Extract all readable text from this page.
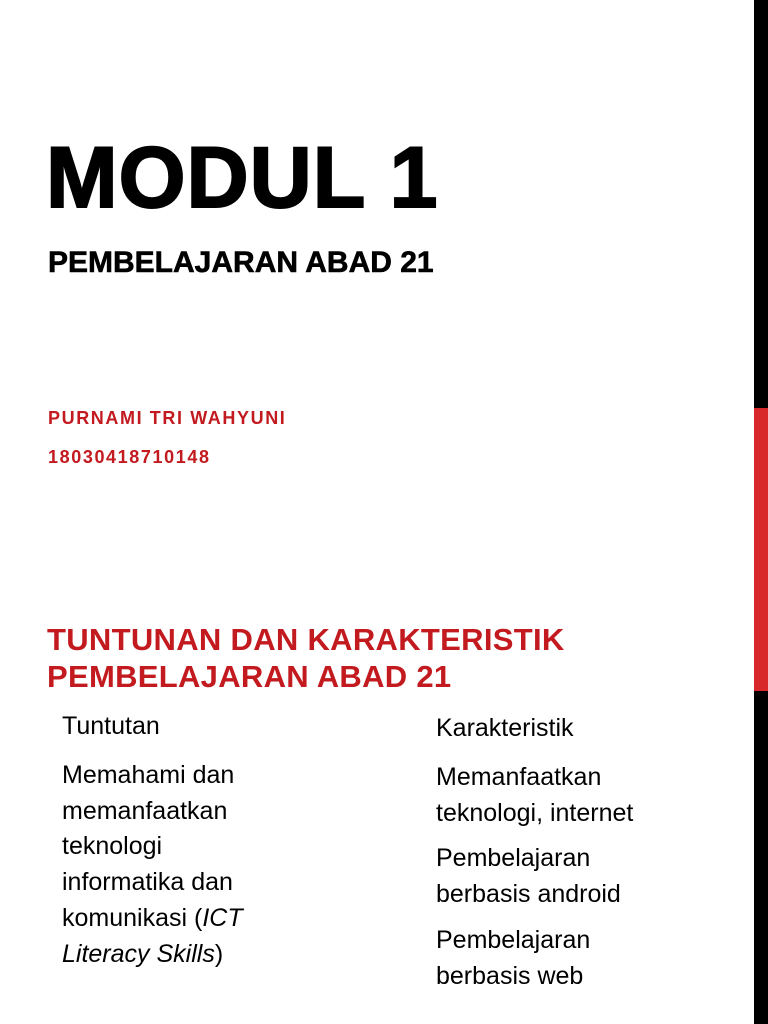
MODUL 1
PEMBELAJARAN ABAD 21

PURNAMI TRI WAHYUNI

18030418710148

TUNTUNAN DAN KARAKTERISTIK
PEMBELAJARAN ABAD 21

Tuntutan

Memahami dan
memanfaatkan
teknologi
informatika dan
komunikasi (ICT
Literacy Skills)

Karakteristik

Memanfaatkan
teknologi, internet

Pembelajaran
berbasis android

Pembelajaran
berbasis web
